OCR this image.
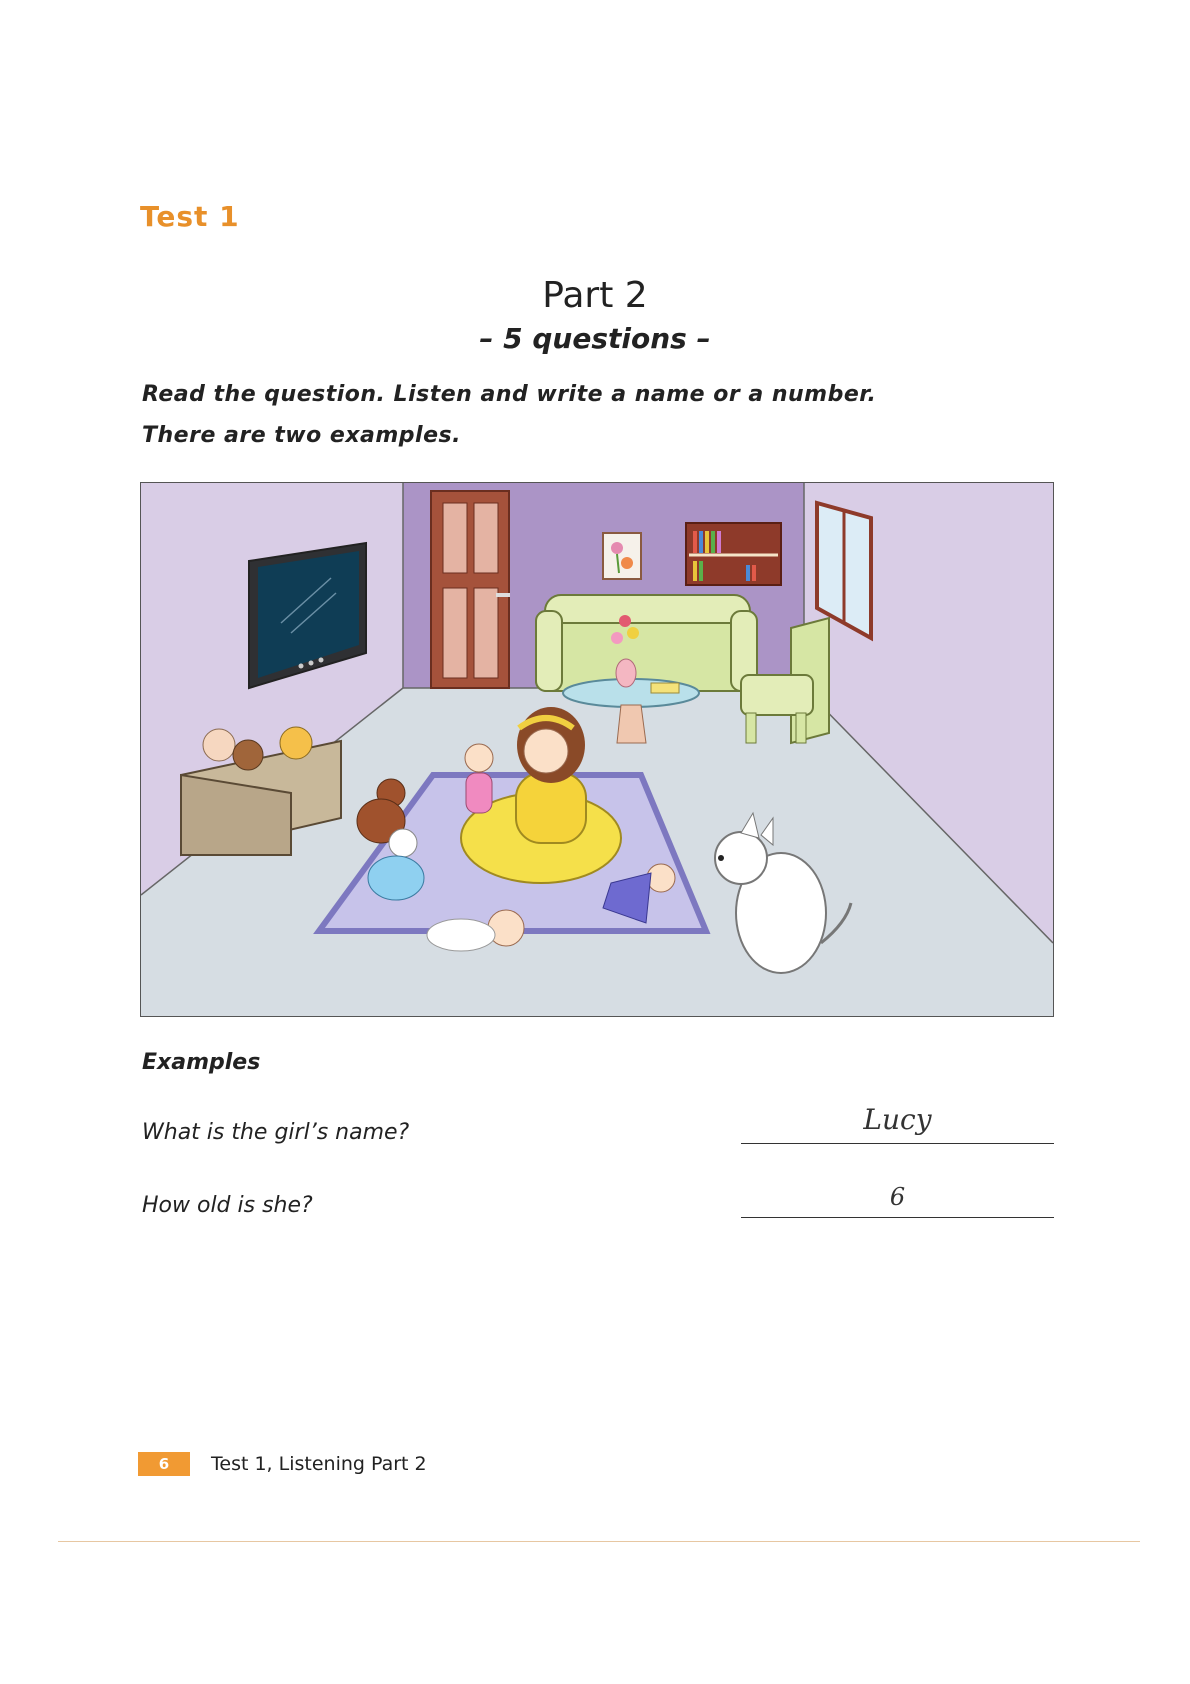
Test 1
Part 2
– 5 questions –
Read the question. Listen and write a name or a number.
There are two examples.
Examples
What is the girl’s name?	Lucy
How old is she?	6
6	Test 1, Listening Part 2
